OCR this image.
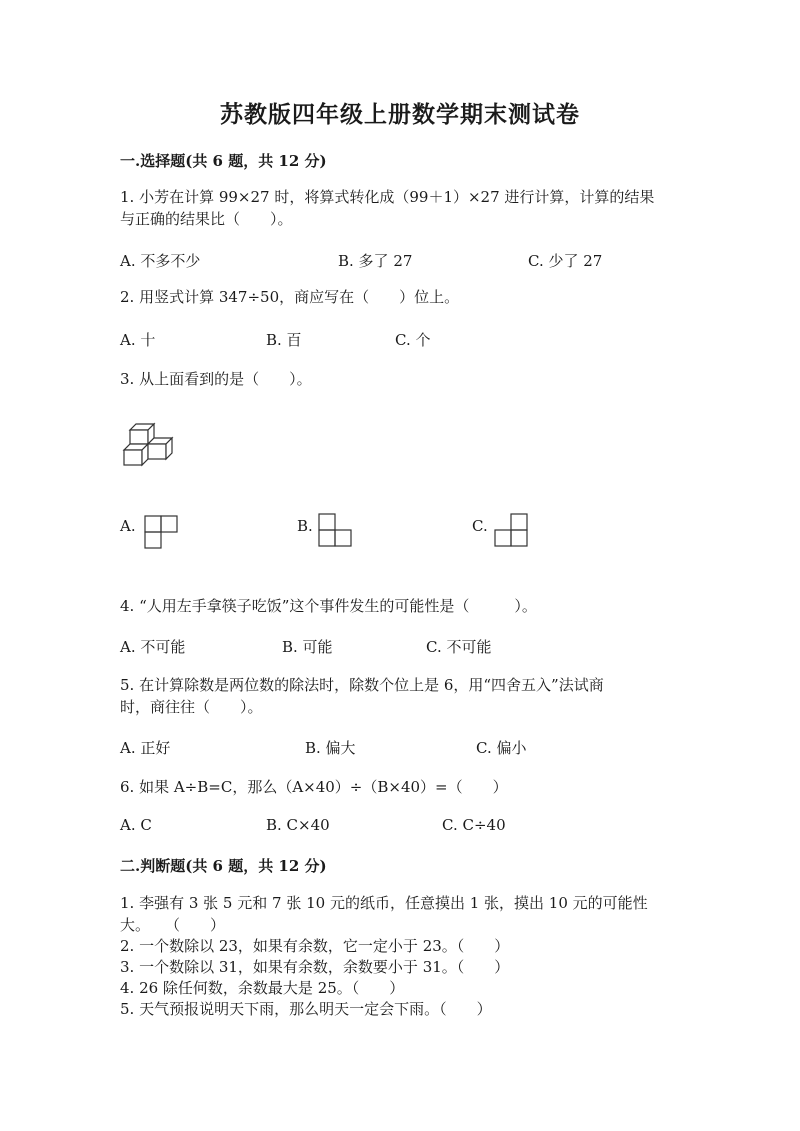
苏教版四年级上册数学期末测试卷
一.选择题(共 6 题，共 12 分)
1. 小芳在计算 99×27 时，将算式转化成（99＋1）×27 进行计算，计算的结果
与正确的结果比（　　）。
A. 不多不少	B. 多了 27	C. 少了 27
2. 用竖式计算 347÷50，商应写在（　　）位上。
A. 十	B. 百	C. 个
3. 从上面看到的是（　　）。
A.	B.	C.
4. “人用左手拿筷子吃饭”这个事件发生的可能性是（　　　）。
A. 不可能	B. 可能	C. 不可能
5. 在计算除数是两位数的除法时，除数个位上是 6，用“四舍五入”法试商
时，商往往（　　）。
A. 正好	B. 偏大	C. 偏小
6. 如果 A÷B=C，那么（A×40）÷（B×40）=（　　）
A. C	B. C×40	C. C÷40
二.判断题(共 6 题，共 12 分)
1. 李强有 3 张 5 元和 7 张 10 元的纸币，任意摸出 1 张，摸出 10 元的可能性
大。　　（　　）
2. 一个数除以 23，如果有余数，它一定小于 23。（　　）
3. 一个数除以 31，如果有余数，余数要小于 31。（　　）
4. 26 除任何数，余数最大是 25。（　　）
5. 天气预报说明天下雨，那么明天一定会下雨。（　　）
